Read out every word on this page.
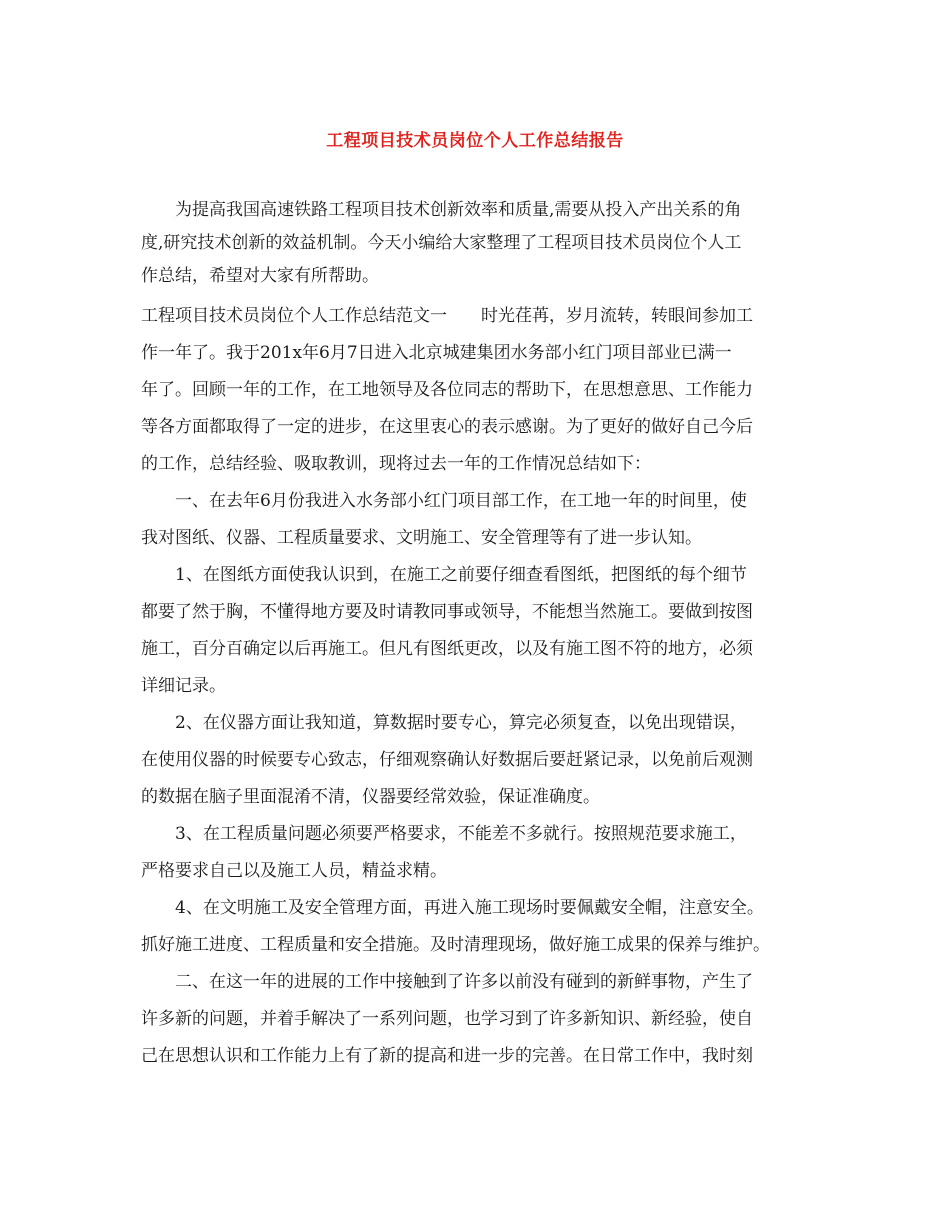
工程项目技术员岗位个人工作总结报告
　　为提高我国高速铁路工程项目技术创新效率和质量,需要从投入产出关系的角
度,研究技术创新的效益机制。今天小编给大家整理了工程项目技术员岗位个人工
作总结，希望对大家有所帮助。
工程项目技术员岗位个人工作总结范文一　　时光荏苒，岁月流转，转眼间参加工
作一年了。我于201x年6月7日进入北京城建集团水务部小红门项目部业已满一
年了。回顾一年的工作，在工地领导及各位同志的帮助下，在思想意思、工作能力
等各方面都取得了一定的进步，在这里衷心的表示感谢。为了更好的做好自己今后
的工作，总结经验、吸取教训，现将过去一年的工作情况总结如下：
　　一、在去年6月份我进入水务部小红门项目部工作，在工地一年的时间里，使
我对图纸、仪器、工程质量要求、文明施工、安全管理等有了进一步认知。
　　1、在图纸方面使我认识到，在施工之前要仔细查看图纸，把图纸的每个细节
都要了然于胸，不懂得地方要及时请教同事或领导，不能想当然施工。要做到按图
施工，百分百确定以后再施工。但凡有图纸更改，以及有施工图不符的地方，必须
详细记录。
　　2、在仪器方面让我知道，算数据时要专心，算完必须复查，以免出现错误，
在使用仪器的时候要专心致志，仔细观察确认好数据后要赶紧记录，以免前后观测
的数据在脑子里面混淆不清，仪器要经常效验，保证准确度。
　　3、在工程质量问题必须要严格要求，不能差不多就行。按照规范要求施工，
严格要求自己以及施工人员，精益求精。
　　4、在文明施工及安全管理方面，再进入施工现场时要佩戴安全帽，注意安全。
抓好施工进度、工程质量和安全措施。及时清理现场，做好施工成果的保养与维护。
　　二、在这一年的进展的工作中接触到了许多以前没有碰到的新鲜事物，产生了
许多新的问题，并着手解决了一系列问题，也学习到了许多新知识、新经验，使自
己在思想认识和工作能力上有了新的提高和进一步的完善。在日常工作中，我时刻
